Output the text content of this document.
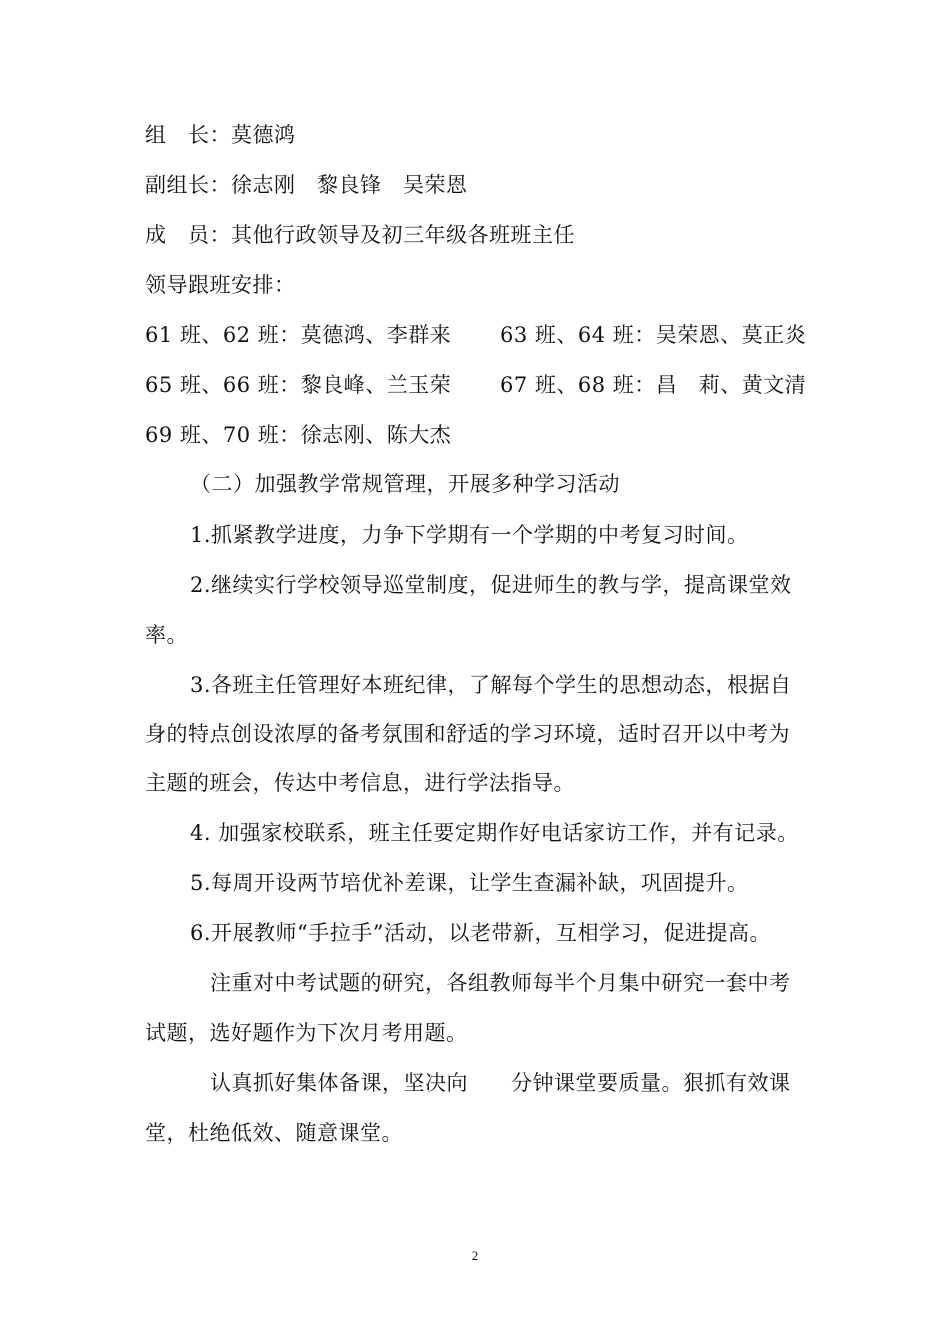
组　长：莫德鸿
副组长：徐志刚　黎良锋　吴荣恩
成　员：其他行政领导及初三年级各班班主任
领导跟班安排：
61 班、62 班：莫德鸿、李群来 63 班、64 班：吴荣恩、莫正炎
65 班、66 班：黎良峰、兰玉荣 67 班、68 班：昌　莉、黄文清
69 班、70 班：徐志刚、陈大杰
（二）加强教学常规管理，开展多种学习活动
1.抓紧教学进度，力争下学期有一个学期的中考复习时间。
2.继续实行学校领导巡堂制度，促进师生的教与学，提高课堂效
率。
3.各班主任管理好本班纪律，了解每个学生的思想动态，根据自
身的特点创设浓厚的备考氛围和舒适的学习环境，适时召开以中考为
主题的班会，传达中考信息，进行学法指导。
4. 加强家校联系，班主任要定期作好电话家访工作，并有记录。
5.每周开设两节培优补差课，让学生查漏补缺，巩固提升。
6.开展教师“手拉手”活动，以老带新，互相学习，促进提高。
注重对中考试题的研究，各组教师每半个月集中研究一套中考
试题，选好题作为下次月考用题。
认真抓好集体备课，坚决向　　分钟课堂要质量。狠抓有效课
堂，杜绝低效、随意课堂。
2
